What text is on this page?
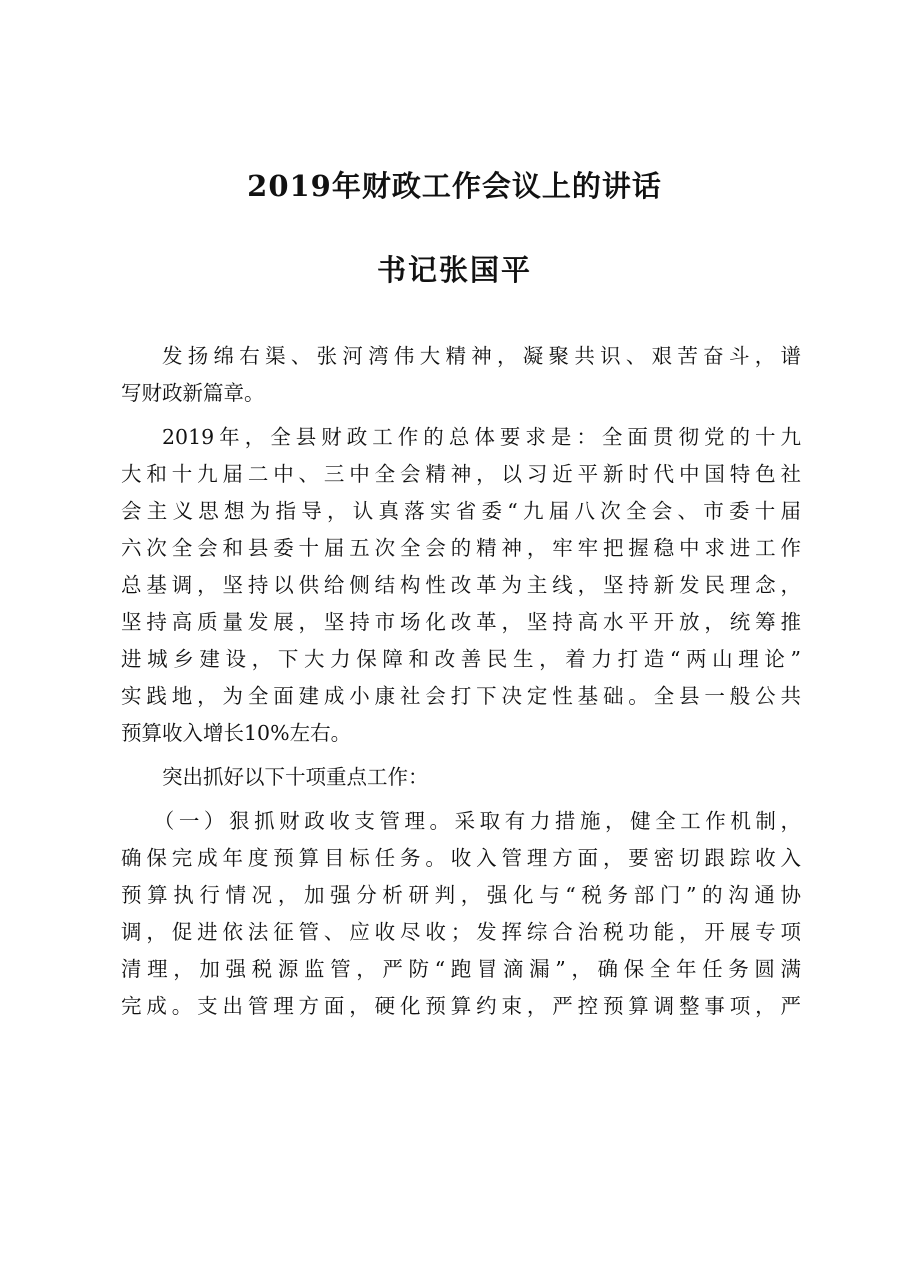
2019年财政工作会议上的讲话
书记张国平
发扬绵右渠、张河湾伟大精神，凝聚共识、艰苦奋斗，谱
写财政新篇章。
2019年，全县财政工作的总体要求是：全面贯彻党的十九
大和十九届二中、三中全会精神，以习近平新时代中国特色社
会主义思想为指导，认真落实省委“九届八次全会、市委十届
六次全会和县委十届五次全会的精神，牢牢把握稳中求进工作
总基调，坚持以供给侧结构性改革为主线，坚持新发民理念，
坚持高质量发展，坚持市场化改革，坚持高水平开放，统筹推
进城乡建设，下大力保障和改善民生，着力打造“两山理论”
实践地，为全面建成小康社会打下决定性基础。全县一般公共
预算收入增长10%左右。
突出抓好以下十项重点工作：
（一）狠抓财政收支管理。采取有力措施，健全工作机制，
确保完成年度预算目标任务。收入管理方面，要密切跟踪收入
预算执行情况，加强分析研判，强化与“税务部门”的沟通协
调，促进依法征管、应收尽收；发挥综合治税功能，开展专项
清理，加强税源监管，严防“跑冒滴漏”，确保全年任务圆满
完成。支出管理方面，硬化预算约束，严控预算调整事项，严
